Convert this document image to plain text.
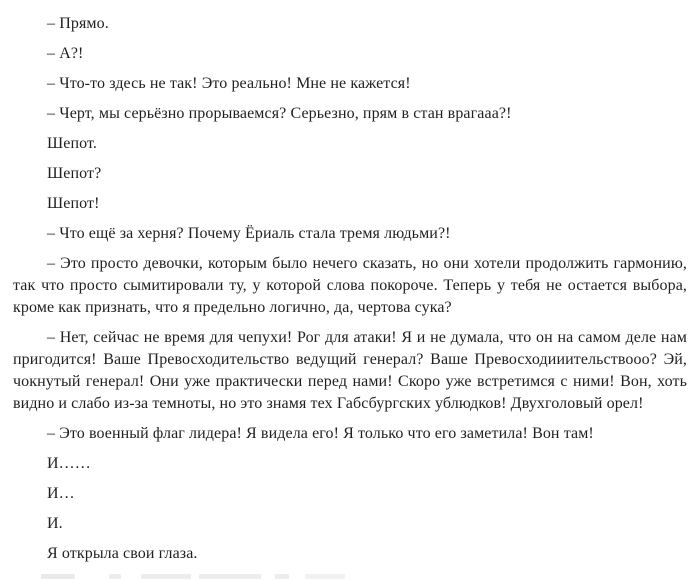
– Прямо.

– А?!

– Что-то здесь не так! Это реально! Мне не кажется!

– Черт, мы серьёзно прорываемся? Серьезно, прям в стан врагааа?!

Шепот.

Шепот?

Шепот!

– Что ещё за херня? Почему Ёриаль стала тремя людьми?!

– Это просто девочки, которым было нечего сказать, но они хотели продолжить гармонию, так что просто сымитировали ту, у которой слова покороче. Теперь у тебя не остается выбора, кроме как признать, что я предельно логично, да, чертова сука?

– Нет, сейчас не время для чепухи! Рог для атаки! Я и не думала, что он на самом деле нам пригодится! Ваше Превосходительство ведущий генерал? Ваше Превосходииительствооо? Эй, чокнутый генерал! Они уже практически перед нами! Скоро уже встретимся с ними! Вон, хоть видно и слабо из-за темноты, но это знамя тех Габсбургских ублюдков! Двухголовый орел!

– Это военный флаг лидера! Я видела его! Я только что его заметила! Вон там!

И……

И…

И.

Я открыла свои глаза.
